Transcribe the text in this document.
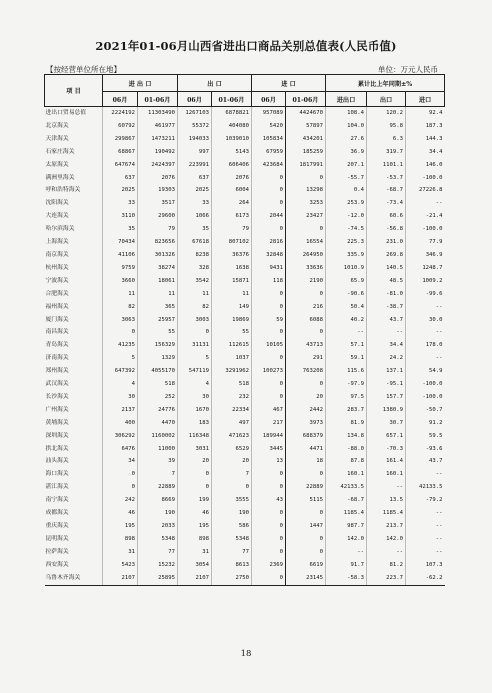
2021年01-06月山西省进出口商品关别总值表(人民币值)
【按经营单位所在地】	单位：万元人民币
项 目	进 出 口		出 口		进 口		累计比上年同期±%		
	06月	01-06月	06月	01-06月	06月	01-06月	进出口	出口	进口
进出口贸易总值	2224192	11303490	1267103	6878821	957089	4424670	108.4	120.2	92.4
北京海关	60792	461977	55372	404080	5420	57897	104.0	95.8	187.3
天津海关	299867	1473211	194033	1039010	105834	434201	27.6	6.3	144.3
石家庄海关	68867	190492	997	5143	67959	185259	36.9	319.7	34.4
太原海关	647674	2424397	223991	606406	423684	1817991	207.1	1101.1	146.0
满洲里海关	637	2076	637	2076	0	0	-55.7	-53.7	-100.0
呼和浩特海关	2025	19303	2025	6004	0	13298	0.4	-68.7	27226.8
沈阳海关	33	3517	33	264	0	3253	253.9	-73.4	--
大连海关	3110	29600	1066	6173	2044	23427	-12.0	60.6	-21.4
哈尔滨海关	35	79	35	79	0	0	-74.5	-56.8	-100.0
上海海关	70434	823656	67618	807102	2816	16554	225.3	231.0	77.9
南京海关	41106	301326	8238	36376	32848	264950	335.9	269.8	346.9
杭州海关	9759	38274	328	1638	9431	33636	1010.9	140.5	1248.7
宁波海关	3660	18061	3542	15871	118	2190	65.9	48.5	1009.2
合肥海关	11	11	11	11	0	0	-90.6	-81.0	-99.6
福州海关	82	365	82	149	0	216	50.4	-38.7	--
厦门海关	3063	25957	3003	19869	59	6088	40.2	43.7	30.0
南昌海关	0	55	0	55	0	0	--	--	--
青岛海关	41235	156329	31131	112615	10105	43713	57.1	34.4	178.0
济南海关	5	1329	5	1037	0	291	59.1	24.2	--
郑州海关	647392	4055170	547119	3291962	100273	763208	115.6	137.1	54.9
武汉海关	4	518	4	518	0	0	-97.9	-95.1	-100.0
长沙海关	30	252	30	232	0	20	97.5	157.7	-100.0
广州海关	2137	24776	1670	22334	467	2442	283.7	1380.9	-50.7
黄埔海关	400	4470	183	497	217	3973	81.9	30.7	91.2
深圳海关	306292	1160002	116348	471623	189944	688379	134.8	657.1	59.5
拱北海关	6476	11000	3031	6529	3445	4471	-88.0	-70.3	-93.6
汕头海关	34	39	20	20	13	18	87.8	161.4	43.7
海口海关	0	7	0	7	0	0	160.1	160.1	--
湛江海关	0	22889	0	0	0	22889	42133.5	--	42133.5
南宁海关	242	8669	199	3555	43	5115	-68.7	13.5	-79.2
成都海关	46	190	46	190	0	0	1185.4	1185.4	--
重庆海关	195	2033	195	586	0	1447	987.7	213.7	--
昆明海关	898	5348	898	5348	0	0	142.0	142.0	--
拉萨海关	31	77	31	77	0	0	--	--	--
西安海关	5423	15232	3054	8613	2369	6619	91.7	81.2	107.3
乌鲁木齐海关	2107	25895	2107	2750	0	23145	-58.3	223.7	-62.2
18
